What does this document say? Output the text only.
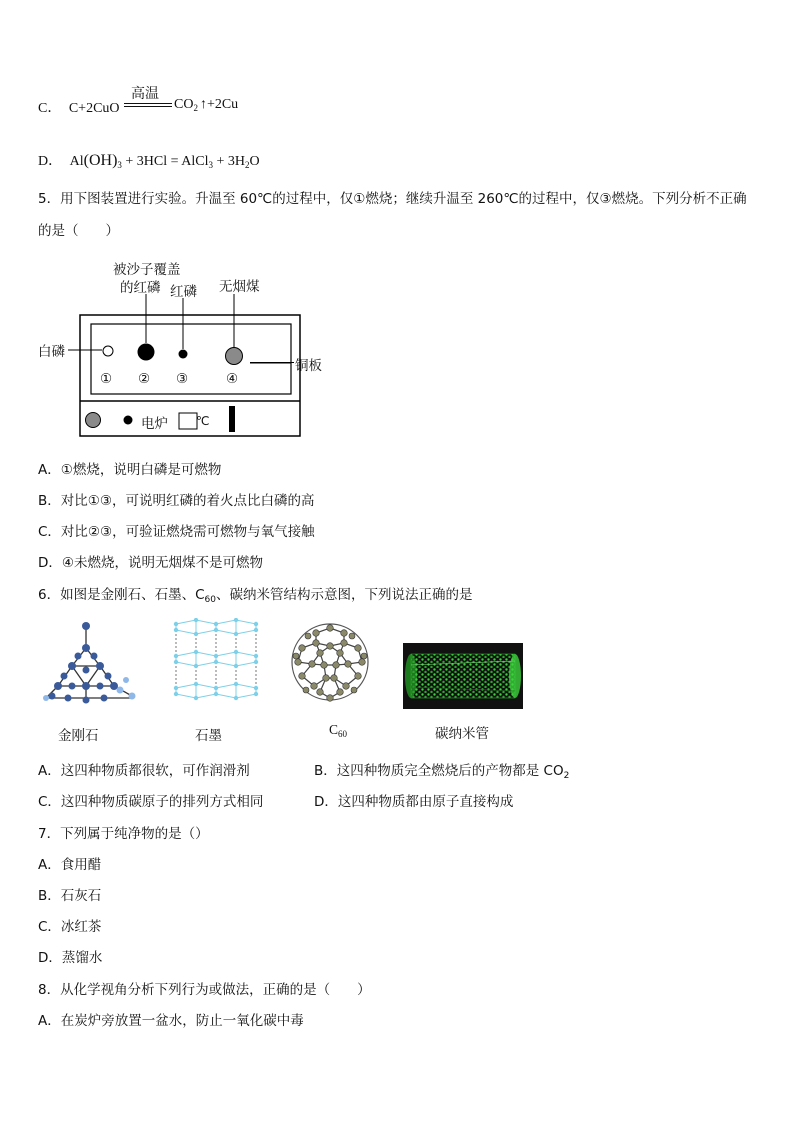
C． C+2CuO
高温
$CO_2$ ↑+2Cu
D． $Al(OH)_3 + 3HCl$ = AlCl$_3$ + $3H_2O$
5．用下图装置进行实验。升温至 60℃的过程中，仅①燃烧；继续升温至 260℃的过程中，仅③燃烧。下列分析不正确
的是（　　）
被沙子覆盖
的红磷 红磷 无烟煤
白磷
铜板
① ② ③	④
电炉 ℃
A．①燃烧，说明白磷是可燃物
B．对比①③，可说明红磷的着火点比白磷的高
C．对比②③，可验证燃烧需可燃物与氧气接触
D．④未燃烧，说明无烟煤不是可燃物
6．如图是金刚石、石墨、$C_{60}$、碳纳米管结构示意图，下列说法正确的是
金刚石	石墨	$C_{60}$	碳纳米管
A．这四种物质都很软，可作润滑剂	B．这四种物质完全燃烧后的产物都是 $CO_2$
C．这四种物质碳原子的排列方式相同	D．这四种物质都由原子直接构成
7．下列属于纯净物的是（）
A．食用醋
B．石灰石
C．冰红茶
D．蒸馏水
8．从化学视角分析下列行为或做法，正确的是（　　）
A．在炭炉旁放置一盆水，防止一氧化碳中毒
